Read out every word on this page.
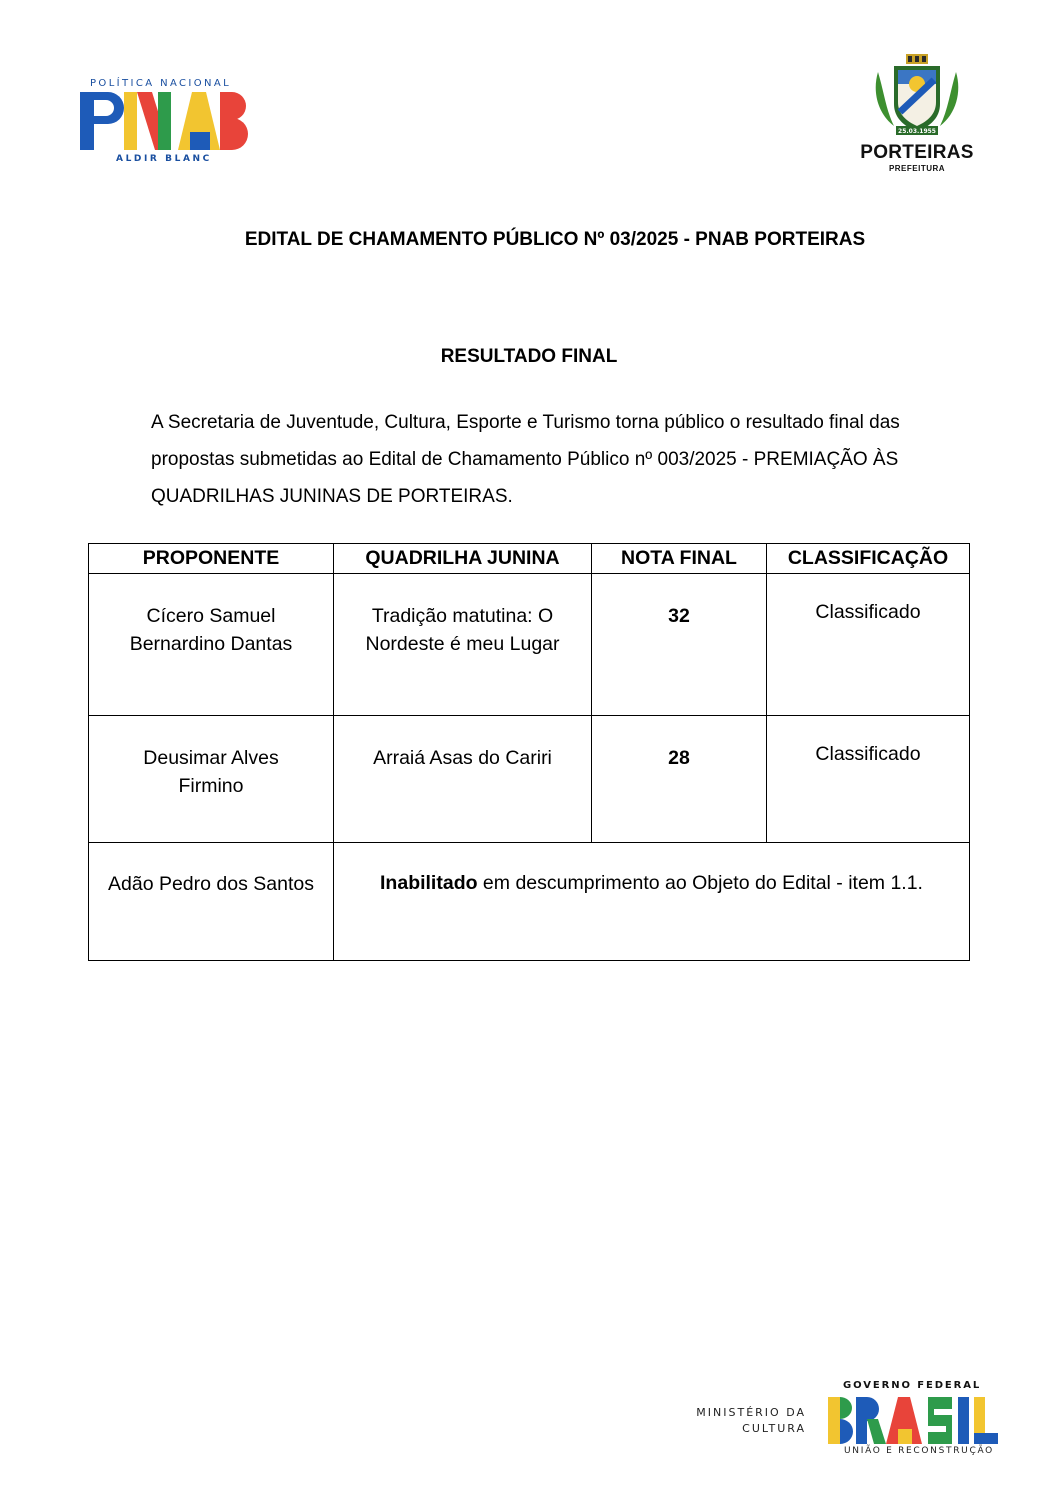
POLÍTICA NACIONAL
ALDIR BLANC
25.03.1955
PORTEIRAS
PREFEITURA
EDITAL DE CHAMAMENTO PÚBLICO Nº 03/2025 - PNAB PORTEIRAS
RESULTADO FINAL
A Secretaria de Juventude, Cultura, Esporte e Turismo torna público o resultado final das propostas submetidas ao Edital de Chamamento Público nº 003/2025 - PREMIAÇÃO ÀS QUADRILHAS JUNINAS DE PORTEIRAS.
PROPONENTE	QUADRILHA JUNINA	NOTA FINAL	CLASSIFICAÇÃO
Cícero Samuel Bernardino Dantas	Tradição matutina: O Nordeste é meu Lugar	32	Classificado
Deusimar Alves Firmino	Arraiá Asas do Cariri	28	Classificado
Adão Pedro dos Santos	Inabilitado em descumprimento ao Objeto do Edital - item 1.1.		
MINISTÉRIO DA
CULTURA
GOVERNO FEDERAL
UNIÃO E RECONSTRUÇÃO
